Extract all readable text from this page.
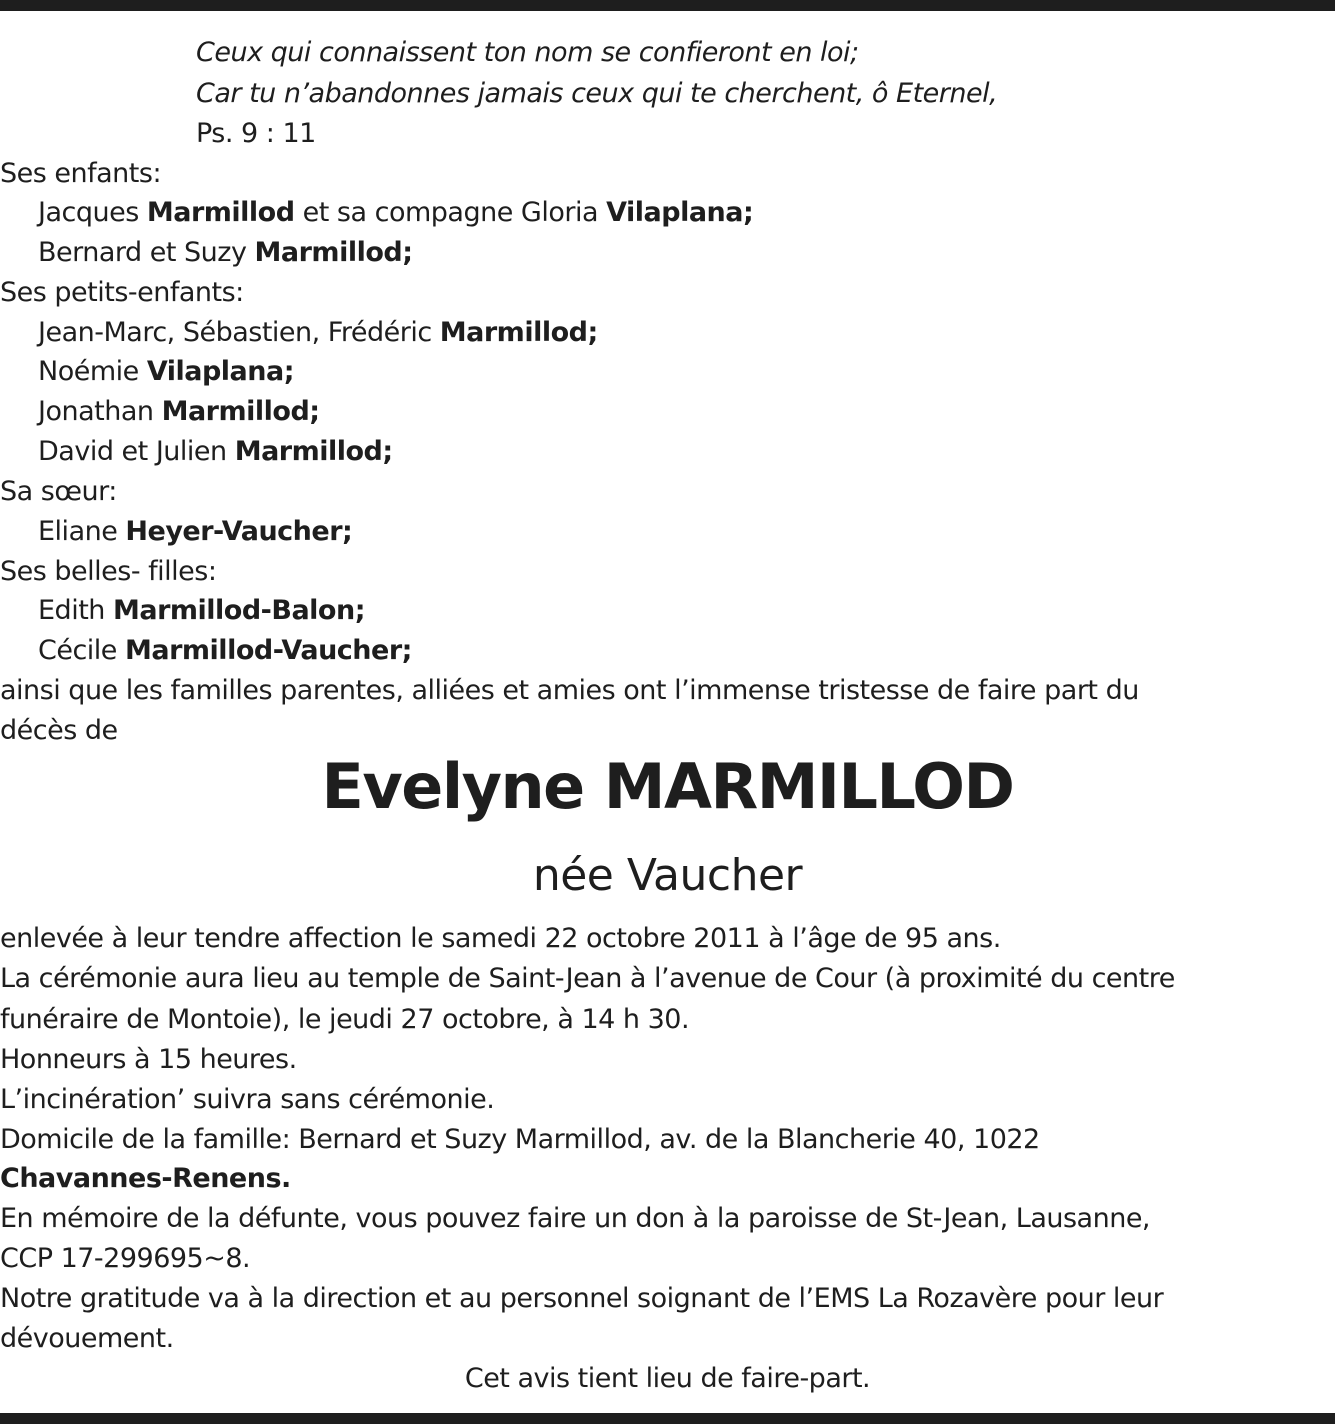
Ceux qui connaissent ton nom se confieront en loi;
Car tu n’abandonnes jamais ceux qui te cherchent, ô Eternel,
Ps. 9 : 11
Ses enfants:
Jacques Marmillod et sa compagne Gloria Vilaplana;
Bernard et Suzy Marmillod;
Ses petits-enfants:
Jean-Marc, Sébastien, Frédéric Marmillod;
Noémie Vilaplana;
Jonathan Marmillod;
David et Julien Marmillod;
Sa sœur:
Eliane Heyer-Vaucher;
Ses belles- filles:
Edith Marmillod-Balon;
Cécile Marmillod-Vaucher;
ainsi que les familles parentes, alliées et amies ont l’immense tristesse de faire part du
décès de
Evelyne MARMILLOD
née Vaucher
enlevée à leur tendre affection le samedi 22 octobre 2011 à l’âge de 95 ans.
La cérémonie aura lieu au temple de Saint-Jean à l’avenue de Cour (à proximité du centre
funéraire de Montoie), le jeudi 27 octobre, à 14 h 30.
Honneurs à 15 heures.
L’incinération’ suivra sans cérémonie.
Domicile de la famille: Bernard et Suzy Marmillod, av. de la Blancherie 40, 1022
Chavannes-Renens.
En mémoire de la défunte, vous pouvez faire un don à la paroisse de St-Jean, Lausanne,
CCP 17-299695~8.
Notre gratitude va à la direction et au personnel soignant de l’EMS La Rozavère pour leur
dévouement.
Cet avis tient lieu de faire-part.
